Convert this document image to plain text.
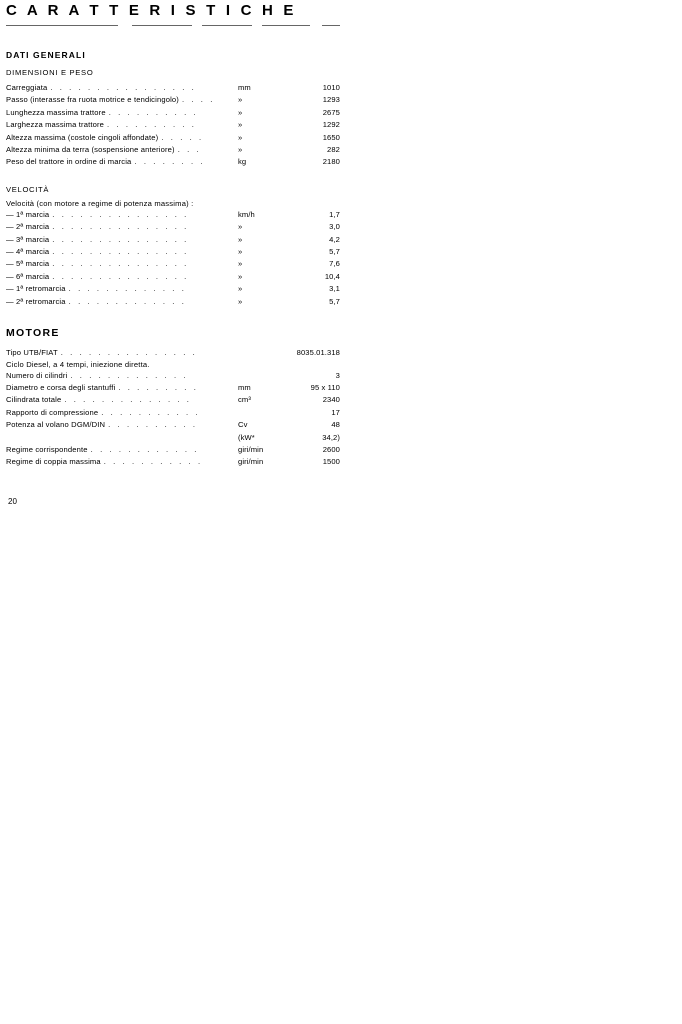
C A R A T T E R I S T I C H E
DATI GENERALI
DIMENSIONI E PESO
Carreggiata . . . . . . . . . . . . . . . .	mm	1010
Passo (interasse fra ruota motrice e tendicingolo) . . . .	»	1293
Lunghezza massima trattore . . . . . . . . . .	»	2675
Larghezza massima trattore . . . . . . . . . .	»	1292
Altezza massima (costole cingoli affondate) . . . . .	»	1650
Altezza minima da terra (sospensione anteriore) . . .	»	282
Peso del trattore in ordine di marcia . . . . . . . .	kg	2180
VELOCITÀ
Velocità (con motore a regime di potenza massima) :
— 1ª marcia . . . . . . . . . . . . . . .	km/h	1,7
— 2ª marcia . . . . . . . . . . . . . . .	»	3,0
— 3ª marcia . . . . . . . . . . . . . . .	»	4,2
— 4ª marcia . . . . . . . . . . . . . . .	»	5,7
— 5ª marcia . . . . . . . . . . . . . . .	»	7,6
— 6ª marcia . . . . . . . . . . . . . . .	»	10,4
— 1ª retromarcia . . . . . . . . . . . . .	»	3,1
— 2ª retromarcia . . . . . . . . . . . . .	»	5,7
MOTORE
Tipo UTB/FIAT . . . . . . . . . . . . . . .		8035.01.318
Ciclo Diesel, a 4 tempi, iniezione diretta.
Numero di cilindri . . . . . . . . . . . . .		3
Diametro e corsa degli stantuffi . . . . . . . . .	mm	95 x 110
Cilindrata totale . . . . . . . . . . . . . .	cm³	2340
Rapporto di compressione . . . . . . . . . . .		17
Potenza al volano DGM/DIN . . . . . . . . . .	Cv	48
	(kW*	34,2)
Regime corrispondente . . . . . . . . . . . .	giri/min	2600
Regime di coppia massima . . . . . . . . . . .	giri/min	1500
20
